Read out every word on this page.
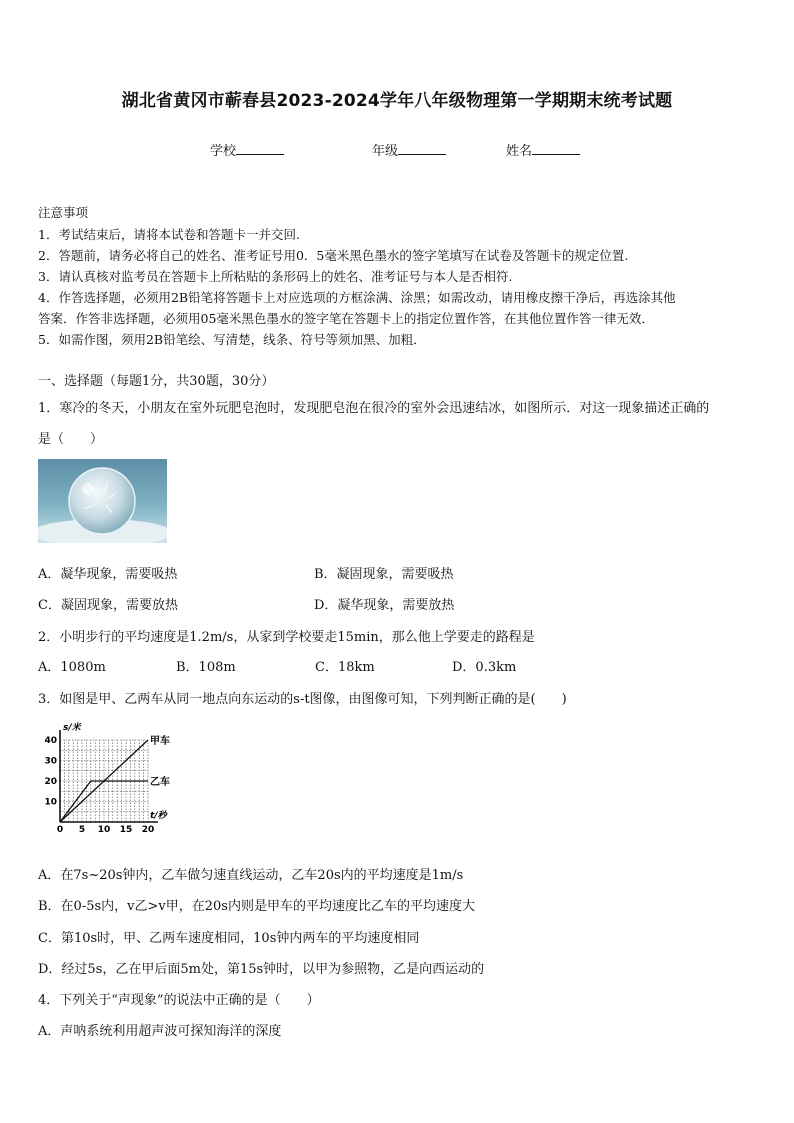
湖北省黄冈市蕲春县2023-2024学年八年级物理第一学期期末统考试题
学校	年级	姓名
注意事项
1．考试结束后，请将本试卷和答题卡一并交回.
2．答题前，请务必将自己的姓名、准考证号用0．5毫米黑色墨水的签字笔填写在试卷及答题卡的规定位置.
3．请认真核对监考员在答题卡上所粘贴的条形码上的姓名、准考证号与本人是否相符.
4．作答选择题，必须用2B铅笔将答题卡上对应选项的方框涂满、涂黑；如需改动，请用橡皮擦干净后，再选涂其他
答案．作答非选择题，必须用05毫米黑色墨水的签字笔在答题卡上的指定位置作答，在其他位置作答一律无效．
5．如需作图，须用2B铅笔绘、写清楚，线条、符号等须加黑、加粗．
一、选择题（每题1分，共30题，30分）
1．寒冷的冬天，小朋友在室外玩肥皂泡时，发现肥皂泡在很冷的室外会迅速结冰，如图所示．对这一现象描述正确的
是（　　）
A．凝华现象，需要吸热	B．凝固现象，需要吸热
C．凝固现象，需要放热	D．凝华现象，需要放热
2．小明步行的平均速度是1.2m/s，从家到学校要走15min，那么他上学要走的路程是
A．1080m	B．108m	C．18km	D．0.3km
3．如图是甲、乙两车从同一地点向东运动的s-t图像，由图像可知，下列判断正确的是(　　)
0 5 10 15 20
10
20
30
40
s/米
t/秒
甲车
乙车
A．在7s~20s钟内，乙车做匀速直线运动，乙车20s内的平均速度是1m/s
B．在0-5s内，v乙>v甲，在20s内则是甲车的平均速度比乙车的平均速度大
C．第10s时，甲、乙两车速度相同，10s钟内两车的平均速度相同
D．经过5s，乙在甲后面5m处，第15s钟时，以甲为参照物，乙是向西运动的
4．下列关于“声现象”的说法中正确的是（　　）
A．声呐系统利用超声波可探知海洋的深度
